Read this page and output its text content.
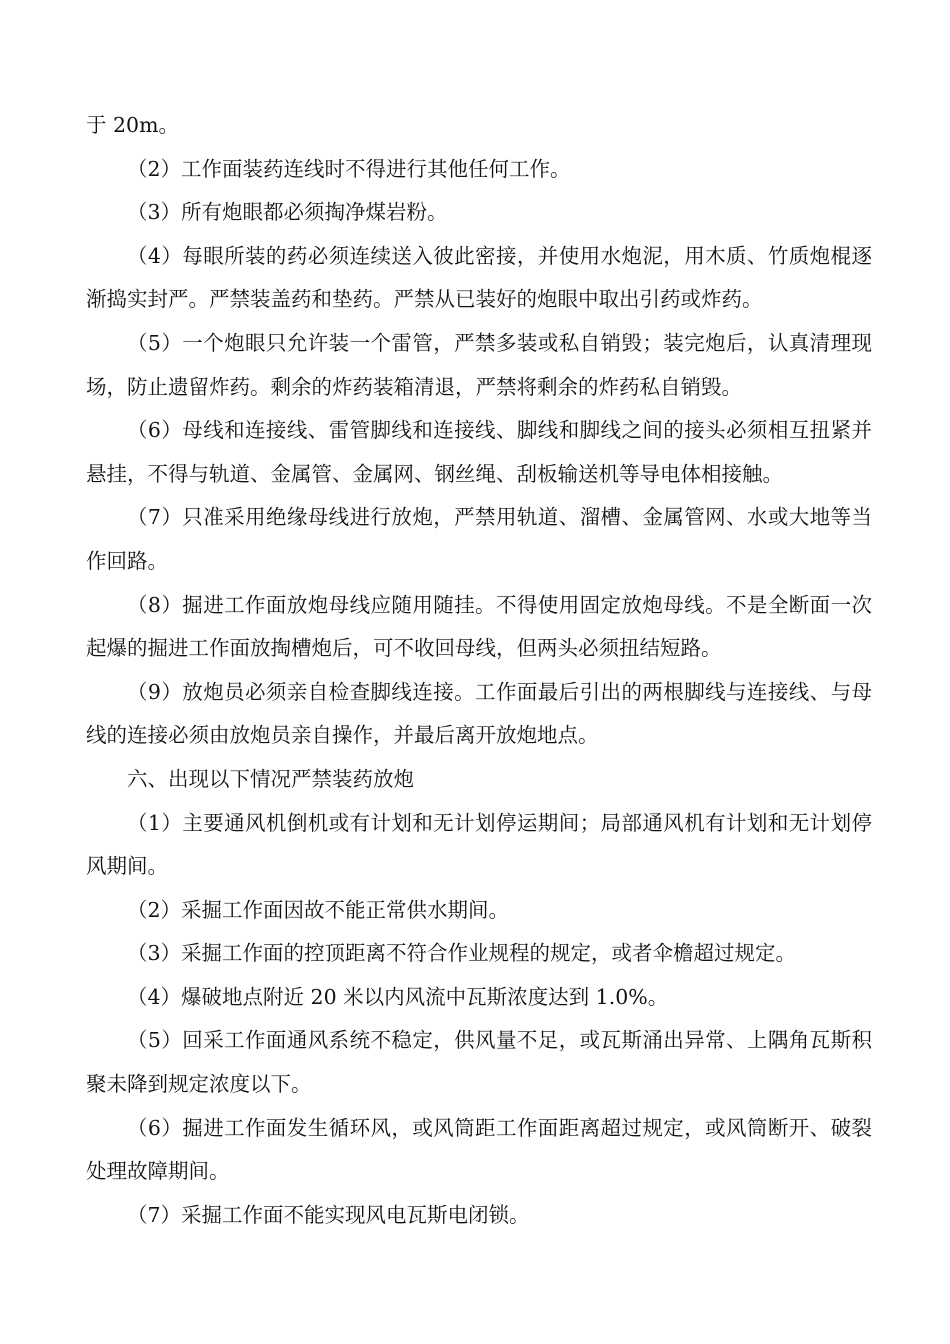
于 20m。

（2）工作面装药连线时不得进行其他任何工作。

（3）所有炮眼都必须掏净煤岩粉。

（4）每眼所装的药必须连续送入彼此密接，并使用水炮泥，用木质、竹质炮棍逐渐捣实封严。严禁装盖药和垫药。严禁从已装好的炮眼中取出引药或炸药。

（5）一个炮眼只允许装一个雷管，严禁多装或私自销毁；装完炮后，认真清理现场，防止遗留炸药。剩余的炸药装箱清退，严禁将剩余的炸药私自销毁。

（6）母线和连接线、雷管脚线和连接线、脚线和脚线之间的接头必须相互扭紧并悬挂，不得与轨道、金属管、金属网、钢丝绳、刮板输送机等导电体相接触。

（7）只准采用绝缘母线进行放炮，严禁用轨道、溜槽、金属管网、水或大地等当作回路。

（8）掘进工作面放炮母线应随用随挂。不得使用固定放炮母线。不是全断面一次起爆的掘进工作面放掏槽炮后，可不收回母线，但两头必须扭结短路。

（9）放炮员必须亲自检查脚线连接。工作面最后引出的两根脚线与连接线、与母线的连接必须由放炮员亲自操作，并最后离开放炮地点。

六、出现以下情况严禁装药放炮

（1）主要通风机倒机或有计划和无计划停运期间；局部通风机有计划和无计划停风期间。

（2）采掘工作面因故不能正常供水期间。

（3）采掘工作面的控顶距离不符合作业规程的规定，或者伞檐超过规定。

（4）爆破地点附近 20 米以内风流中瓦斯浓度达到 1.0%。

（5）回采工作面通风系统不稳定，供风量不足，或瓦斯涌出异常、上隅角瓦斯积聚未降到规定浓度以下。

（6）掘进工作面发生循环风，或风筒距工作面距离超过规定，或风筒断开、破裂处理故障期间。

（7）采掘工作面不能实现风电瓦斯电闭锁。
